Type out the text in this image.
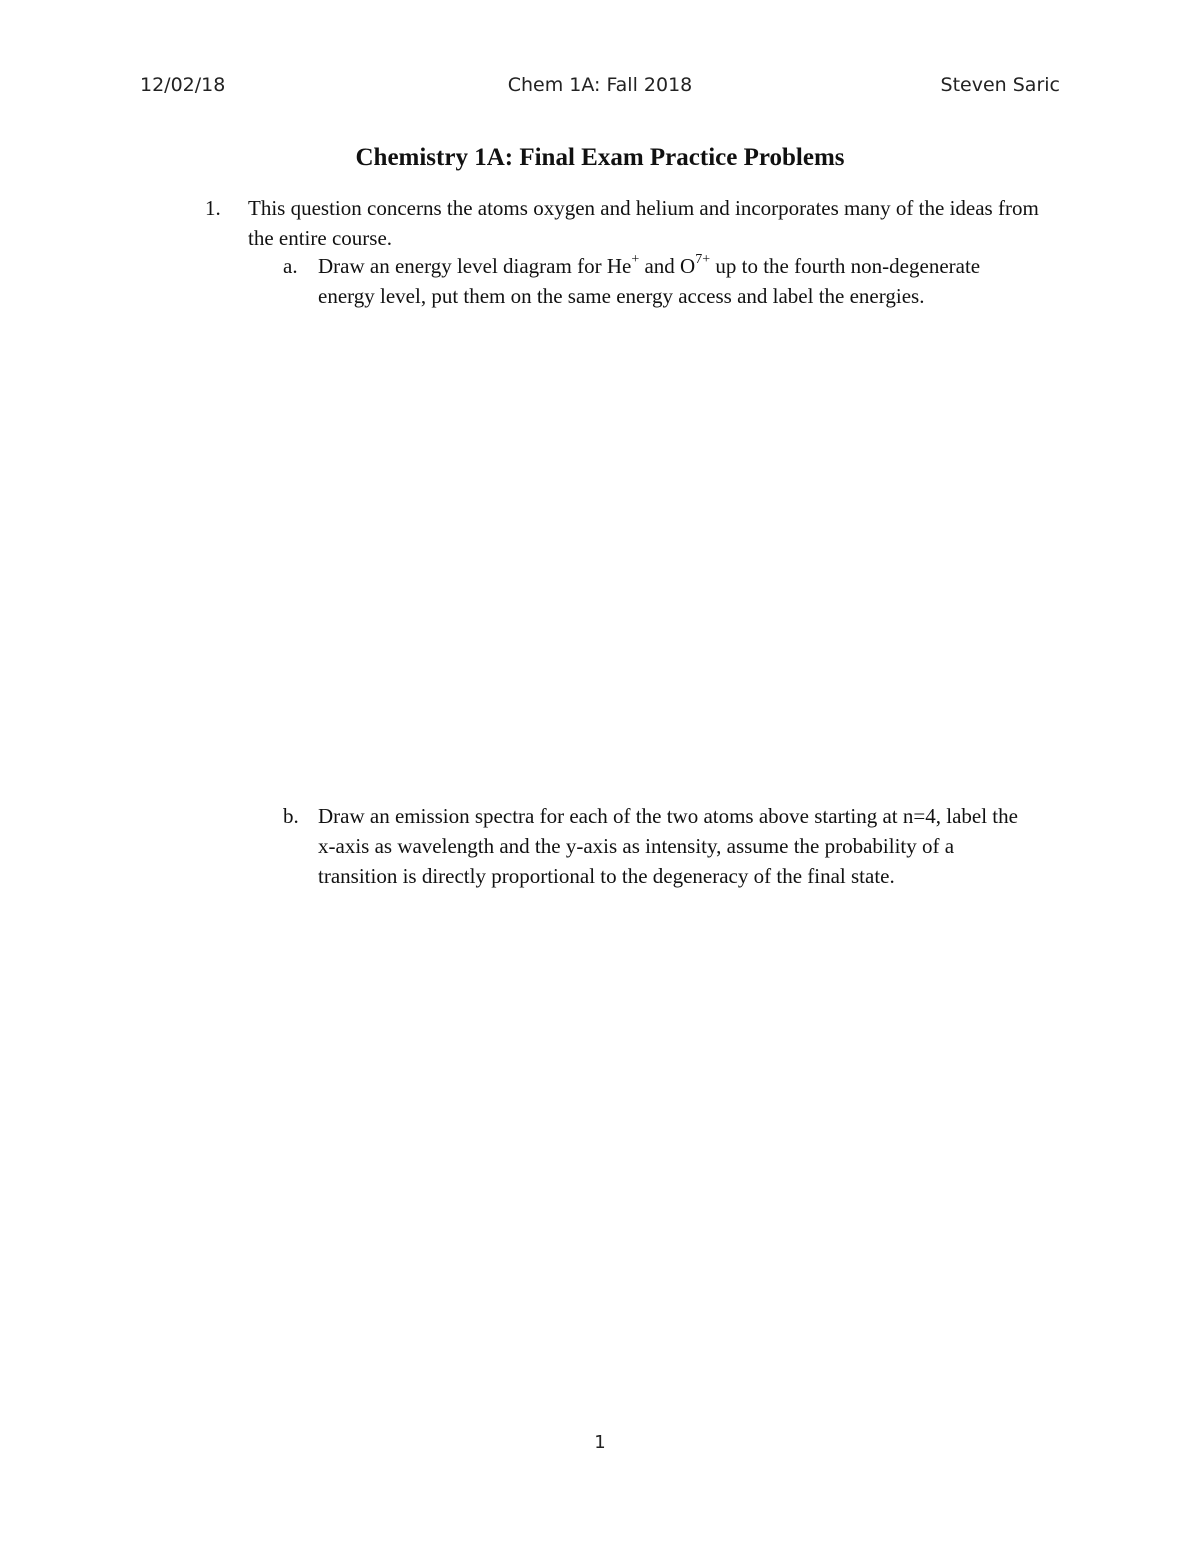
12/02/18	Chem 1A: Fall 2018	Steven Saric
Chemistry 1A: Final Exam Practice Problems
1. This question concerns the atoms oxygen and helium and incorporates many of the ideas from the entire course.
a. Draw an energy level diagram for He+ and $O^{7+}$ up to the fourth non-degenerate energy level, put them on the same energy access and label the energies.
b. Draw an emission spectra for each of the two atoms above starting at n=4, label the x-axis as wavelength and the y-axis as intensity, assume the probability of a transition is directly proportional to the degeneracy of the final state.
1
